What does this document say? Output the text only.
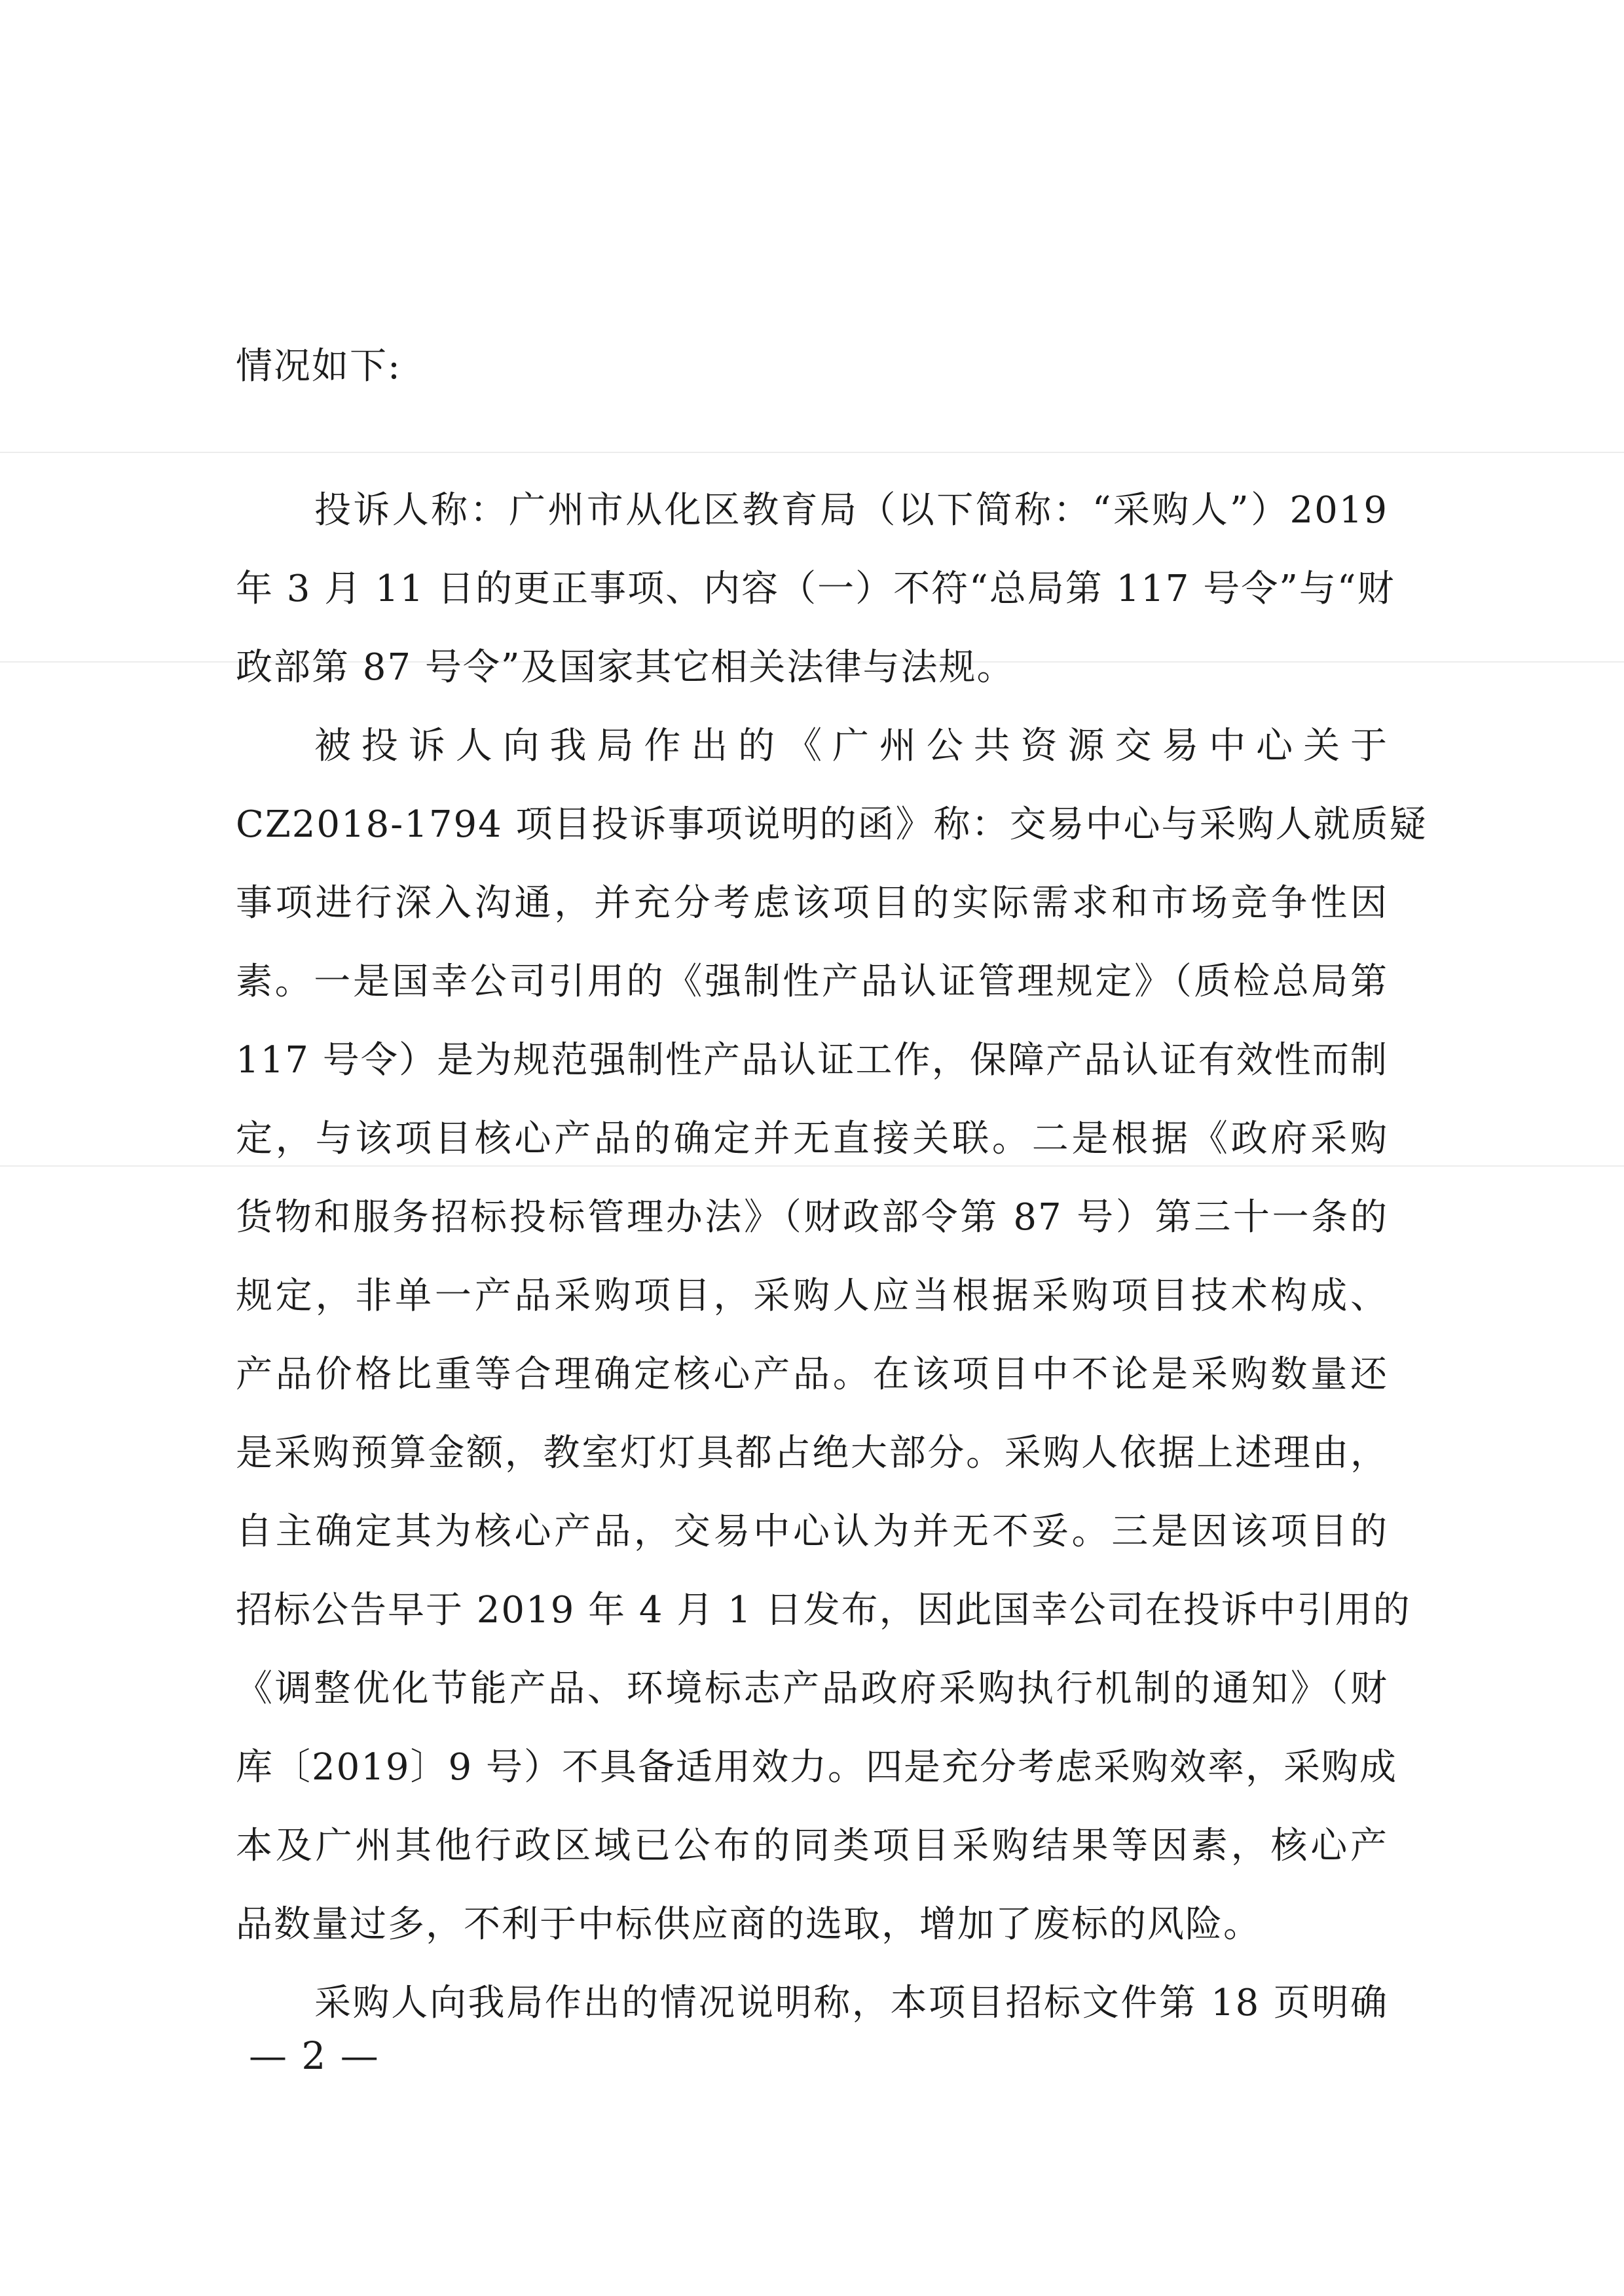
情况如下:
投诉人称：广州市从化区教育局（以下简称：“采购人”）2019
年 3 月 11 日的更正事项、内容（一）不符“总局第 117 号令”与“财
政部第 87 号令”及国家其它相关法律与法规。
被投诉人向我局作出的《广州公共资源交易中心关于
CZ2018-1794 项目投诉事项说明的函》称：交易中心与采购人就质疑
事项进行深入沟通，并充分考虑该项目的实际需求和市场竞争性因
素。一是国幸公司引用的《强制性产品认证管理规定》（质检总局第
117 号令）是为规范强制性产品认证工作，保障产品认证有效性而制
定，与该项目核心产品的确定并无直接关联。二是根据《政府采购
货物和服务招标投标管理办法》（财政部令第 87 号）第三十一条的
规定，非单一产品采购项目，采购人应当根据采购项目技术构成、
产品价格比重等合理确定核心产品。在该项目中不论是采购数量还
是采购预算金额，教室灯灯具都占绝大部分。采购人依据上述理由，
自主确定其为核心产品，交易中心认为并无不妥。三是因该项目的
招标公告早于 2019 年 4 月 1 日发布，因此国幸公司在投诉中引用的
《调整优化节能产品、环境标志产品政府采购执行机制的通知》（财
库〔2019〕9 号）不具备适用效力。四是充分考虑采购效率，采购成
本及广州其他行政区域已公布的同类项目采购结果等因素，核心产
品数量过多，不利于中标供应商的选取，增加了废标的风险。
采购人向我局作出的情况说明称，本项目招标文件第 18 页明确
— 2 —
